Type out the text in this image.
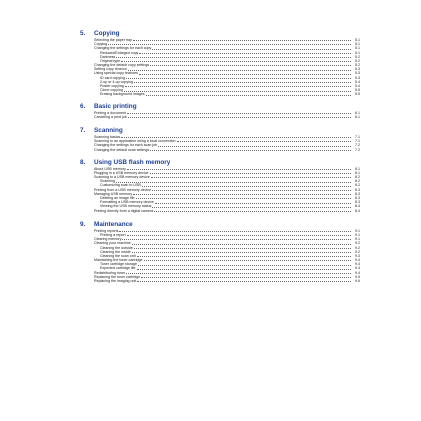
5.	Copying
Selecting the paper tray	5.1
Copying	5.1
Changing the settings for each copy	5.1
Reduced/Enlarged copy	5.1
Darkness	5.2
Original type	5.2
Changing the default copy settings	5.2
Setting copy timeout	5.3
Using special copy features	5.3
ID card copying	5.3
2-up or 4-up copying	5.4
Poster copying	5.4
Clone copying	5.5
Erasing background images	5.5
6.	Basic printing
Printing a document	6.1
Canceling a print job	6.1
7.	Scanning
Scanning basics	7.1
Scanning to an application using a local connection	7.1
Changing the settings for each scan job	7.2
Changing the default scan settings	7.2
8.	Using USB flash memory
About USB memory	8.1
Plugging in a USB memory device	8.1
Scanning to a USB memory device	8.2
Scanning	8.2
Customizing scan to USB	8.2
Printing from a USB memory device	8.3
Managing USB memory	8.3
Deleting an image file	8.3
Formatting a USB memory device	8.3
Viewing the USB memory status	8.4
Printing directly from a digital camera	8.4
9.	Maintenance
Printing reports	9.1
Printing a report	9.1
Clearing memory	9.1
Cleaning your machine	9.2
Cleaning the outside	9.2
Cleaning the inside	9.2
Cleaning the scan unit	9.3
Maintaining the toner cartridge	9.4
Toner cartridge storage	9.4
Expected cartridge life	9.4
Redistributing toner	9.4
Replacing the toner cartridge	9.5
Replacing the imaging unit	9.6
